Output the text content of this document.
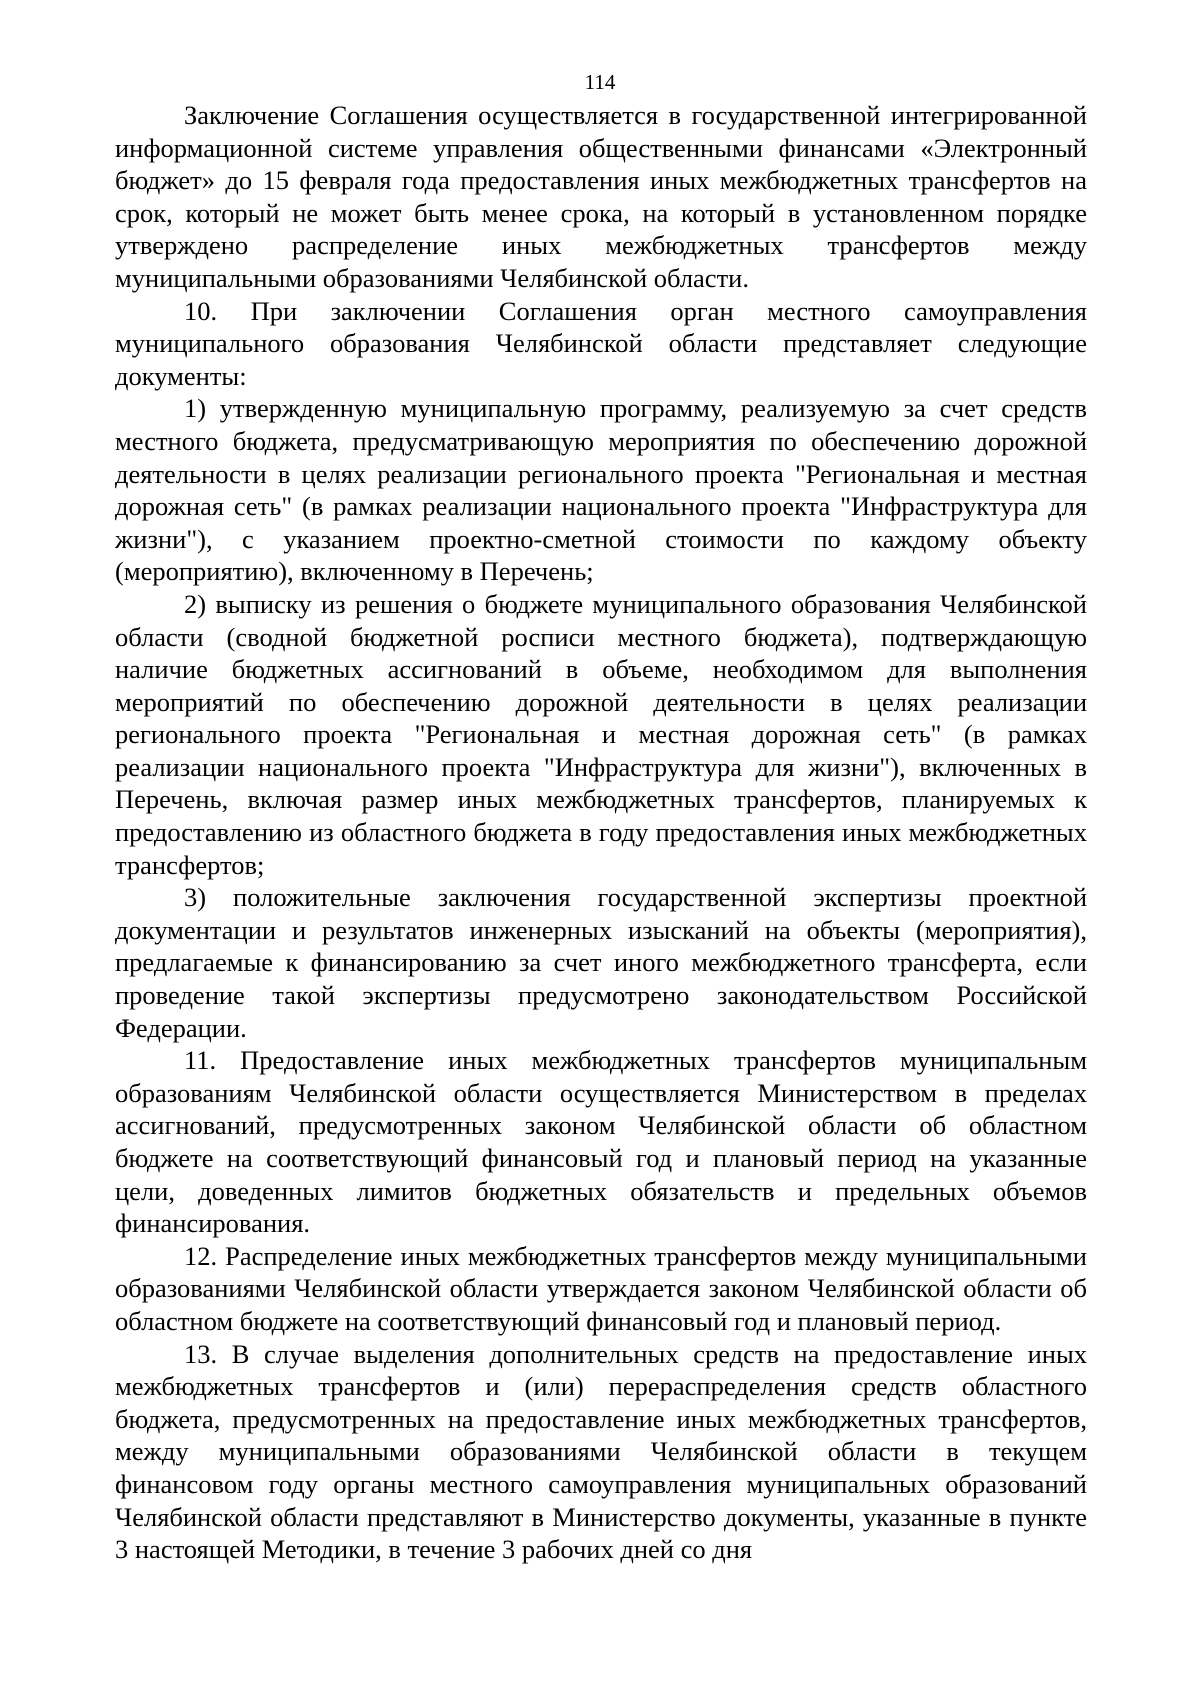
114

Заключение Соглашения осуществляется в государственной интегрированной информационной системе управления общественными финансами «Электронный бюджет» до 15 февраля года предоставления иных межбюджетных трансфертов на срок, который не может быть менее срока, на который в установленном порядке утверждено распределение иных межбюджетных трансфертов между муниципальными образованиями Челябинской области.

10. При заключении Соглашения орган местного самоуправления муниципального образования Челябинской области представляет следующие документы:

1) утвержденную муниципальную программу, реализуемую за счет средств местного бюджета, предусматривающую мероприятия по обеспечению дорожной деятельности в целях реализации регионального проекта "Региональная и местная дорожная сеть" (в рамках реализации национального проекта "Инфраструктура для жизни"), с указанием проектно-сметной стоимости по каждому объекту (мероприятию), включенному в Перечень;

2) выписку из решения о бюджете муниципального образования Челябинской области (сводной бюджетной росписи местного бюджета), подтверждающую наличие бюджетных ассигнований в объеме, необходимом для выполнения мероприятий по обеспечению дорожной деятельности в целях реализации регионального проекта "Региональная и местная дорожная сеть" (в рамках реализации национального проекта "Инфраструктура для жизни"), включенных в Перечень, включая размер иных межбюджетных трансфертов, планируемых к предоставлению из областного бюджета в году предоставления иных межбюджетных трансфертов;

3) положительные заключения государственной экспертизы проектной документации и результатов инженерных изысканий на объекты (мероприятия), предлагаемые к финансированию за счет иного межбюджетного трансферта, если проведение такой экспертизы предусмотрено законодательством Российской Федерации.

11. Предоставление иных межбюджетных трансфертов муниципальным образованиям Челябинской области осуществляется Министерством в пределах ассигнований, предусмотренных законом Челябинской области об областном бюджете на соответствующий финансовый год и плановый период на указанные цели, доведенных лимитов бюджетных обязательств и предельных объемов финансирования.

12. Распределение иных межбюджетных трансфертов между муниципальными образованиями Челябинской области утверждается законом Челябинской области об областном бюджете на соответствующий финансовый год и плановый период.

13. В случае выделения дополнительных средств на предоставление иных межбюджетных трансфертов и (или) перераспределения средств областного бюджета, предусмотренных на предоставление иных межбюджетных трансфертов, между муниципальными образованиями Челябинской области в текущем финансовом году органы местного самоуправления муниципальных образований Челябинской области представляют в Министерство документы, указанные в пункте 3 настоящей Методики, в течение 3 рабочих дней со дня
